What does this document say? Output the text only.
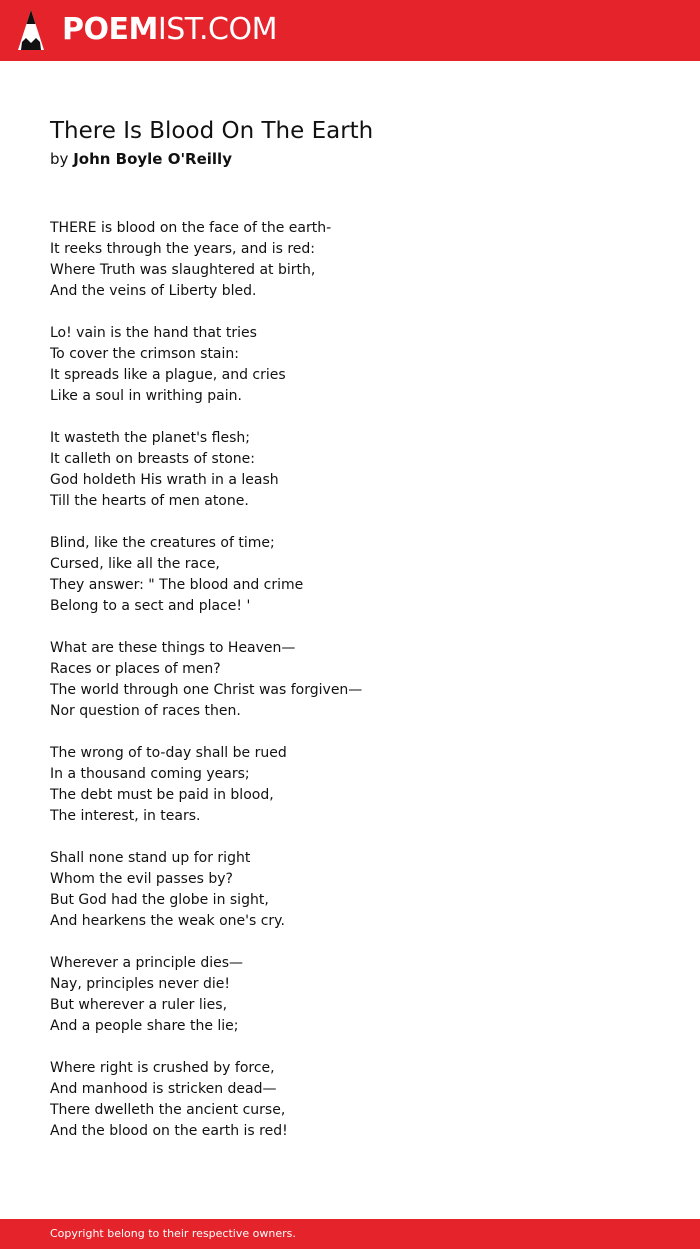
POEMIST.COM
There Is Blood On The Earth
by John Boyle O'Reilly
THERE is blood on the face of the earth-
It reeks through the years, and is red:
Where Truth was slaughtered at birth,
And the veins of Liberty bled.
Lo! vain is the hand that tries
To cover the crimson stain:
It spreads like a plague, and cries
Like a soul in writhing pain.
It wasteth the planet's flesh;
It calleth on breasts of stone:
God holdeth His wrath in a leash
Till the hearts of men atone.
Blind, like the creatures of time;
Cursed, like all the race,
They answer: " The blood and crime
Belong to a sect and place! '
What are these things to Heaven—
Races or places of men?
The world through one Christ was forgiven—
Nor question of races then.
The wrong of to-day shall be rued
In a thousand coming years;
The debt must be paid in blood,
The interest, in tears.
Shall none stand up for right
Whom the evil passes by?
But God had the globe in sight,
And hearkens the weak one's cry.
Wherever a principle dies—
Nay, principles never die!
But wherever a ruler lies,
And a people share the lie;
Where right is crushed by force,
And manhood is stricken dead—
There dwelleth the ancient curse,
And the blood on the earth is red!
Copyright belong to their respective owners.
